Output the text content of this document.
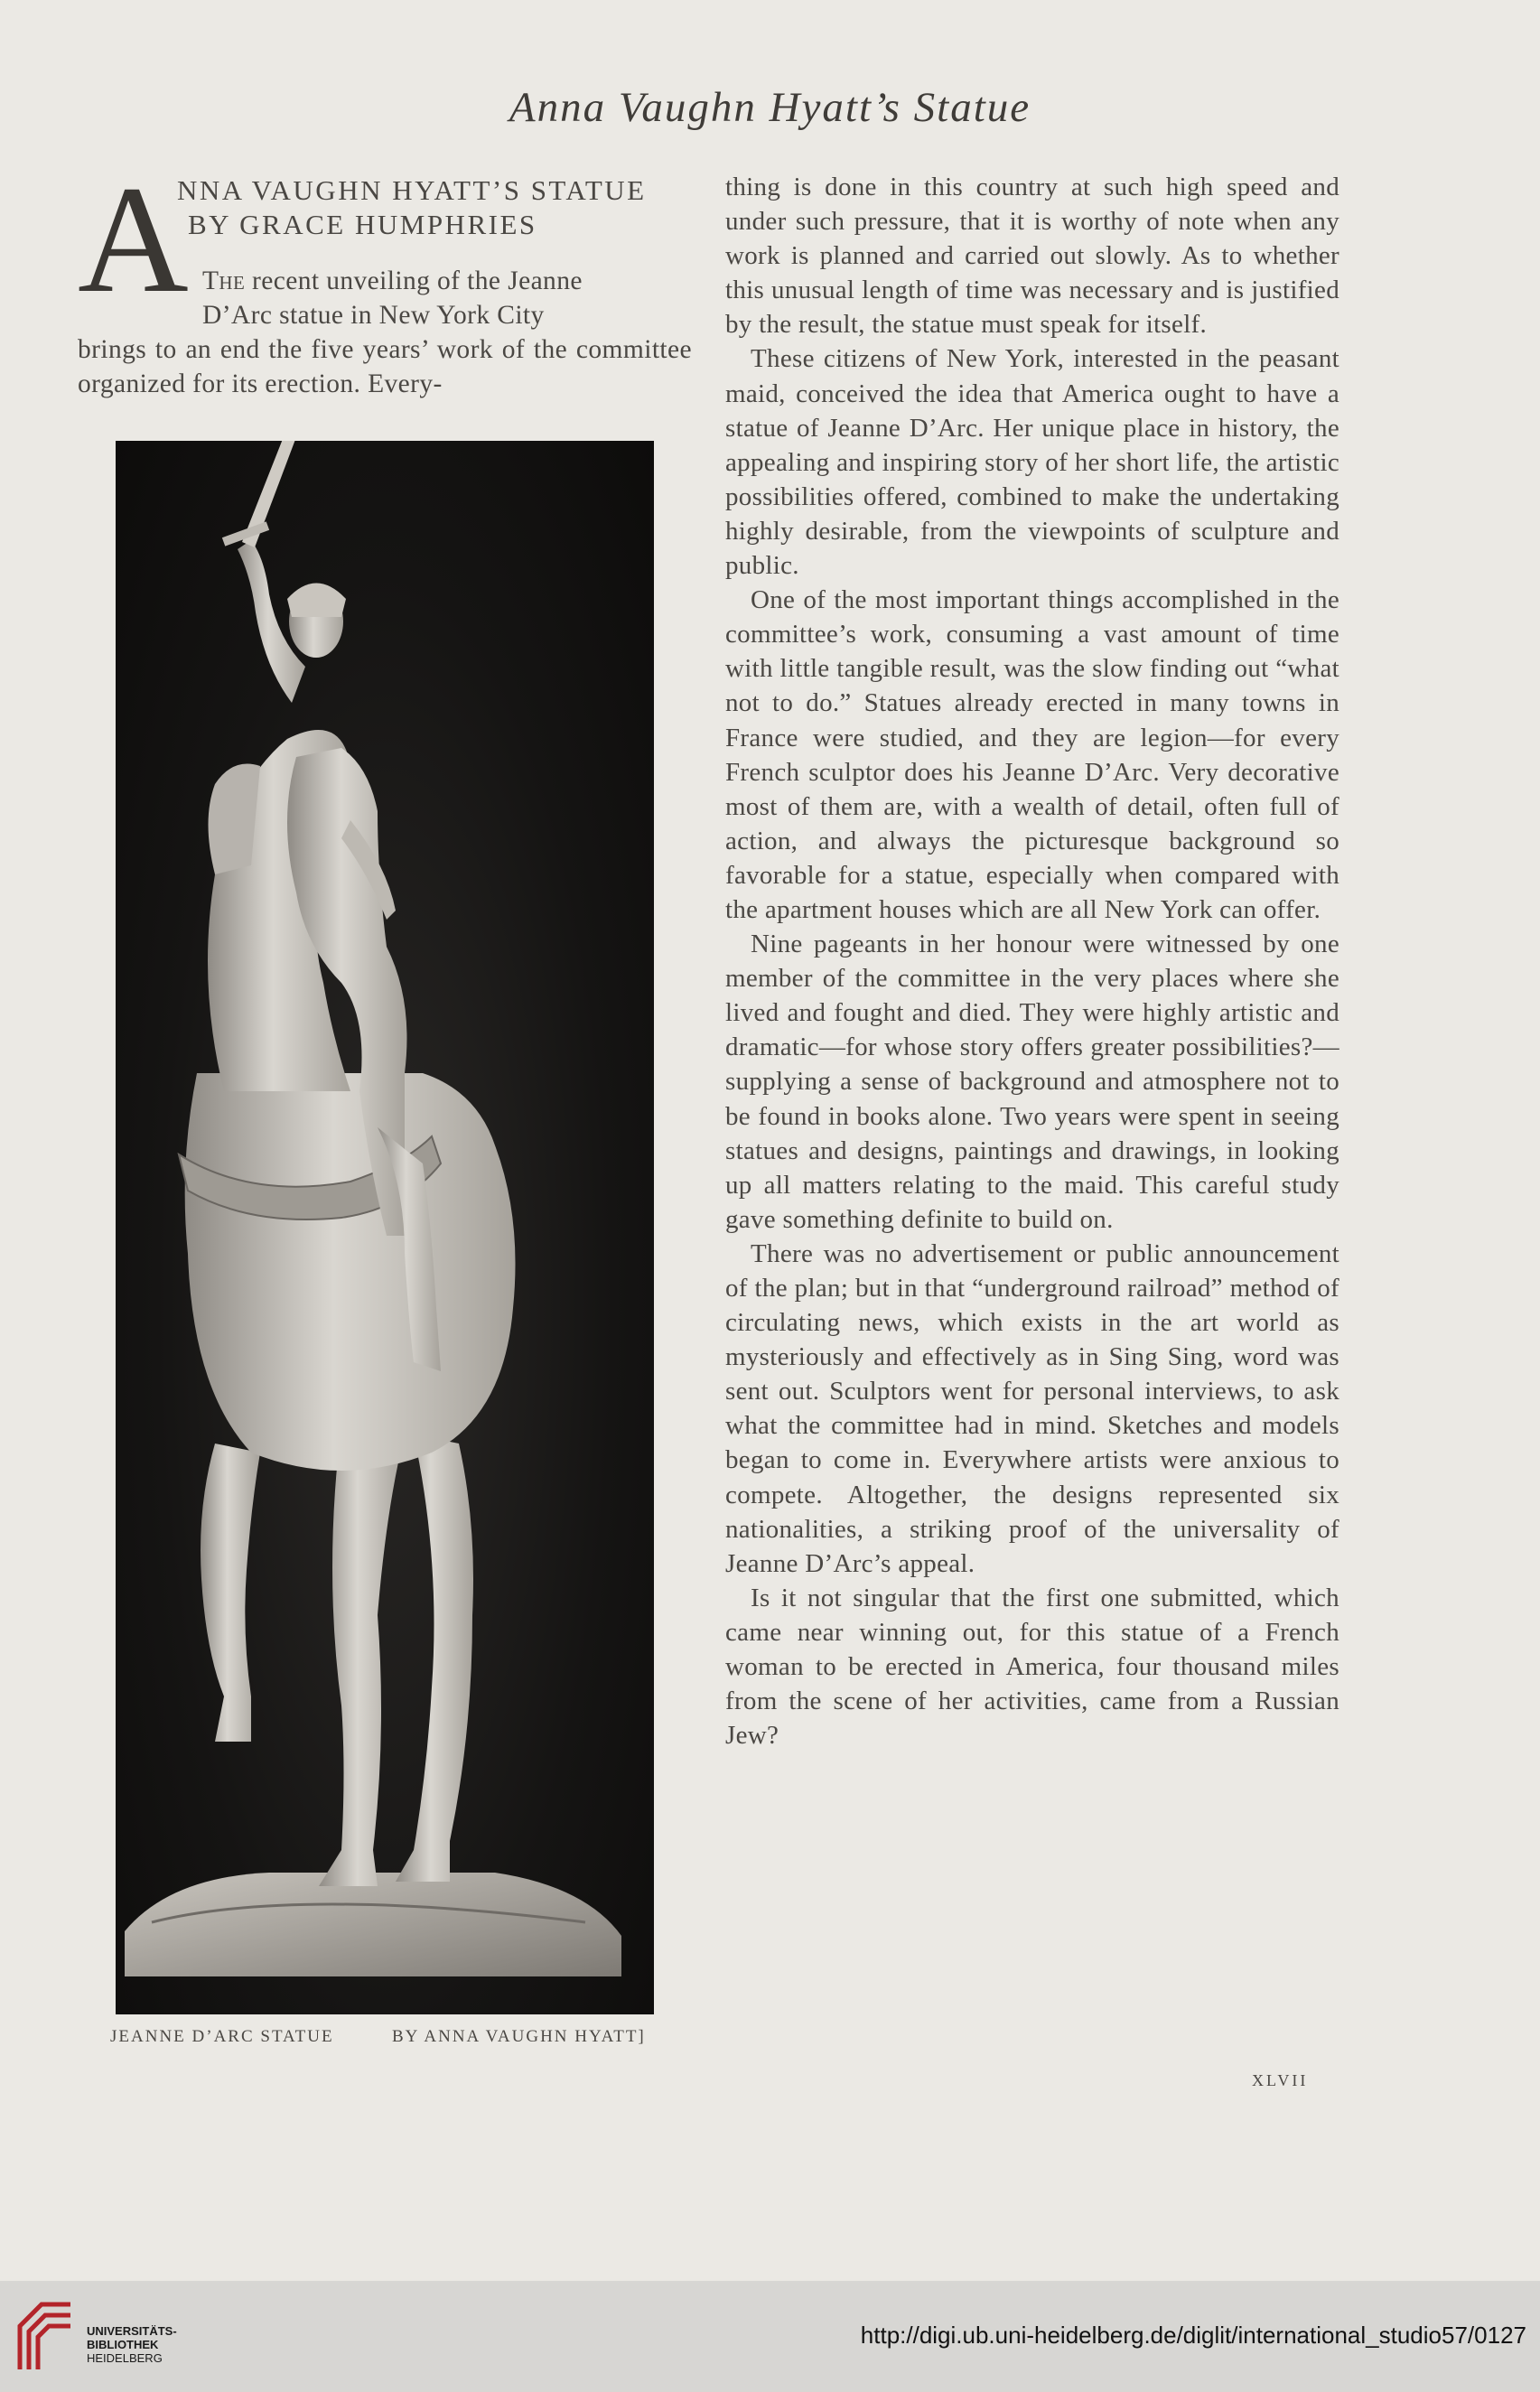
Anna Vaughn Hyatt’s Statue
A
NNA VAUGHN HYATT’S STATUE
BY GRACE HUMPHRIES
The recent unveiling of the Jeanne
D’Arc statue in New York City
brings to an end the five years’ work of the committee organized for its erection. Every-
JEANNE D’ARC STATUE	BY ANNA VAUGHN HYATT]

thing is done in this country at such high speed and under such pressure, that it is worthy of note when any work is planned and carried out slowly. As to whether this unusual length of time was necessary and is justified by the result, the statue must speak for itself.

These citizens of New York, interested in the peasant maid, conceived the idea that America ought to have a statue of Jeanne D’Arc. Her unique place in history, the appealing and inspiring story of her short life, the artistic possibilities offered, combined to make the undertaking highly desirable, from the viewpoints of sculpture and public.

One of the most important things accomplished in the committee’s work, consuming a vast amount of time with little tangible result, was the slow finding out “what not to do.” Statues already erected in many towns in France were studied, and they are legion—for every French sculptor does his Jeanne D’Arc. Very decorative most of them are, with a wealth of detail, often full of action, and always the picturesque background so favorable for a statue, especially when compared with the apartment houses which are all New York can offer.

Nine pageants in her honour were witnessed by one member of the committee in the very places where she lived and fought and died. They were highly artistic and dramatic—for whose story offers greater possibilities?—supplying a sense of background and atmosphere not to be found in books alone. Two years were spent in seeing statues and designs, paintings and drawings, in looking up all matters relating to the maid. This careful study gave something definite to build on.

There was no advertisement or public announcement of the plan; but in that “underground railroad” method of circulating news, which exists in the art world as mysteriously and effectively as in Sing Sing, word was sent out. Sculptors went for personal interviews, to ask what the committee had in mind. Sketches and models began to come in. Everywhere artists were anxious to compete. Altogether, the designs represented six nationalities, a striking proof of the universality of Jeanne D’Arc’s appeal.

Is it not singular that the first one submitted, which came near winning out, for this statue of a French woman to be erected in America, four thousand miles from the scene of her activities, came from a Russian Jew?

XLVII
UNIVERSITÄTS-
BIBLIOTHEK
HEIDELBERG
http://digi.ub.uni-heidelberg.de/diglit/international_studio57/0127
